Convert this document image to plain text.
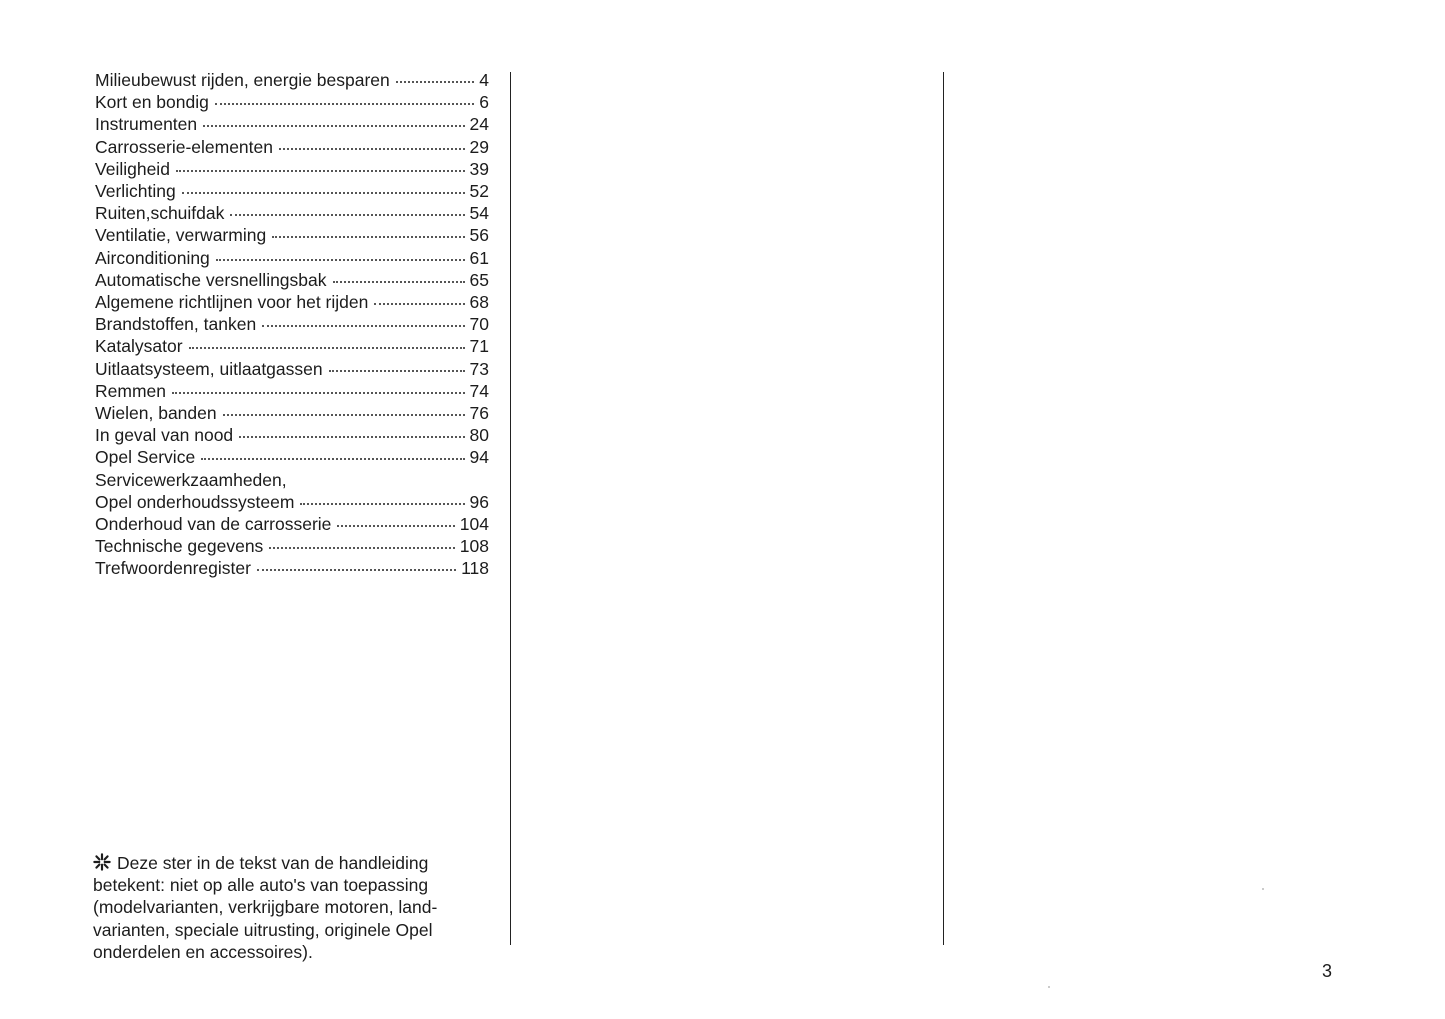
Milieubewust rijden, energie besparen	4
Kort en bondig	6
Instrumenten	24
Carrosserie-elementen	29
Veiligheid	39
Verlichting	52
Ruiten,schuifdak	54
Ventilatie, verwarming	56
Airconditioning	61
Automatische versnellingsbak	65
Algemene richtlijnen voor het rijden	68
Brandstoffen, tanken	70
Katalysator	71
Uitlaatsysteem, uitlaatgassen	73
Remmen	74
Wielen, banden	76
In geval van nood	80
Opel Service	94
Servicewerkzaamheden,
Opel onderhoudssysteem	96
Onderhoud van de carrosserie	104
Technische gegevens	108
Trefwoordenregister	118
Deze ster in de tekst van de handleiding
betekent: niet op alle auto's van toepassing
(modelvarianten, verkrijgbare motoren, land-
varianten, speciale uitrusting, originele Opel
onderdelen en accessoires).
3
